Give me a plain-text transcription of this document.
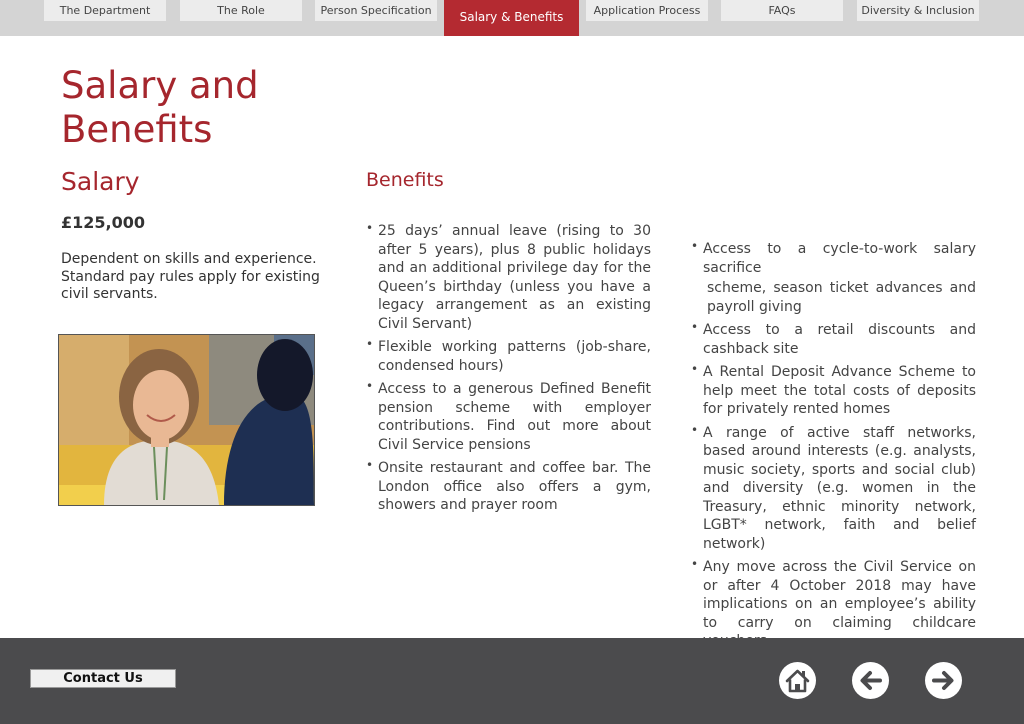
The Department	The Role	Person Specification	Salary & Benefits	Application Process	FAQs	Diversity & Inclusion
Salary and Benefits
Salary
£125,000
Dependent on skills and experience. Standard pay rules apply for existing civil servants.
Benefits
• 25 days’ annual leave (rising to 30 after 5 years), plus 8 public holidays and an additional privilege day for the Queen’s birthday (unless you have a legacy arrangement as an existing Civil Servant)
• Flexible working patterns (job-share, condensed hours)
• Access to a generous Defined Benefit pension scheme with employer contributions. Find out more about Civil Service pensions
• Onsite restaurant and coffee bar. The London office also offers a gym, showers and prayer room
• Access to a cycle-to-work salary sacrifice
scheme, season ticket advances and payroll giving
• Access to a retail discounts and cashback site
• A Rental Deposit Advance Scheme to help meet the total costs of deposits for privately rented homes
• A range of active staff networks, based around interests (e.g. analysts, music society, sports and social club) and diversity (e.g. women in the Treasury, ethnic minority network, LGBT* network, faith and belief network)
• Any move across the Civil Service on or after 4 October 2018 may have implications on an employee’s ability to carry on claiming childcare
Contact Us
